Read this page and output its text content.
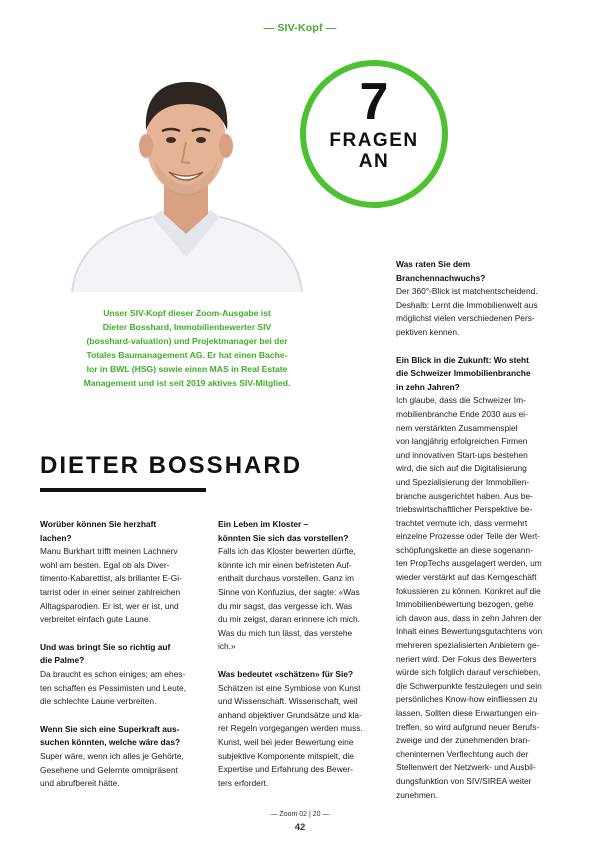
— SIV-Kopf —
7
FRAGEN
AN
Unser SIV-Kopf dieser Zoom-Ausgabe ist
Dieter Bosshard, Immobilienbewerter SIV
(bosshard-valuation) und Projektmanager bei der
Totales Baumanagement AG. Er hat einen Bache-
lor in BWL (HSG) sowie einen MAS in Real Estate
Management und ist seit 2019 aktives SIV-Mitglied.
DIETER BOSSHARD

Worüber können Sie herzhaft

lachen?

Manu Burkhart trifft meinen Lachnerv

wohl am besten. Egal ob als Diver-

timento-Kabarettist, als brillanter E-Gi-

tarrist oder in einer seiner zahlreichen

Alltagsparodien. Er ist, wer er ist, und

verbreitet einfach gute Laune.

Und was bringt Sie so richtig auf

die Palme?

Da braucht es schon einiges; am ehes-

ten schaffen es Pessimisten und Leute,

die schlechte Laune verbreiten.

Wenn Sie sich eine Superkraft aus-

suchen könnten, welche wäre das?

Super wäre, wenn ich alles je Gehörte,

Gesehene und Gelernte omnipräsent

und abrufbereit hätte.

Ein Leben im Kloster –

könnten Sie sich das vorstellen?

Falls ich das Kloster bewerten dürfte,

könnte ich mir einen befristeten Auf-

enthalt durchaus vorstellen. Ganz im

Sinne von Konfuzius, der sagte: «Was

du mir sagst, das vergesse ich. Was

du mir zeigst, daran erinnere ich mich.

Was du mich tun lässt, das verstehe

ich.»

Was bedeutet «schätzen» für Sie?

Schätzen ist eine Symbiose von Kunst

und Wissenschaft. Wissenschaft, weil

anhand objektiver Grundsätze und kla-

rer Regeln vorgegangen werden muss.

Kunst, weil bei jeder Bewertung eine

subjektive Komponente mitspielt, die

Expertise und Erfahrung des Bewer-

ters erfordert.

Was raten Sie dem

Branchennachwuchs?

Der 360°-Blick ist matchentscheidend.

Deshalb: Lernt die Immobilienwelt aus

möglichst vielen verschiedenen Pers-

pektiven kennen.

Ein Blick in die Zukunft: Wo steht

die Schweizer Immobilienbranche

in zehn Jahren?

Ich glaube, dass die Schweizer Im-

mobilienbranche Ende 2030 aus ei-

nem verstärkten Zusammenspiel

von langjährig erfolgreichen Firmen

und innovativen Start-ups bestehen

wird, die sich auf die Digitalisierung

und Spezialisierung der Immobilien-

branche ausgerichtet haben. Aus be-

triebswirtschaftlicher Perspektive be-

trachtet vermute ich, dass vermehrt

einzelne Prozesse oder Teile der Wert-

schöpfungskette an diese sogenann-

ten PropTechs ausgelagert werden, um

wieder verstärkt auf das Kerngeschäft

fokussieren zu können. Konkret auf die

Immobilienbewertung bezogen, gehe

ich davon aus, dass in zehn Jahren der

Inhalt eines Bewertungsgutachtens von

mehreren spezialisierten Anbietern ge-

neriert wird. Der Fokus des Bewerters

würde sich folglich darauf verschieben,

die Schwerpunkte festzulegen und sein

persönliches Know-how einfliessen zu

lassen. Sollten diese Erwartungen ein-

treffen, so wird aufgrund neuer Berufs-

zweige und der zunehmenden bran-

cheninternen Verflechtung auch der

Stellenwert der Netzwerk- und Ausbil-

dungsfunktion von SIV/SIREA weiter

zunehmen.

— Zoom 02 | 20 —
42
